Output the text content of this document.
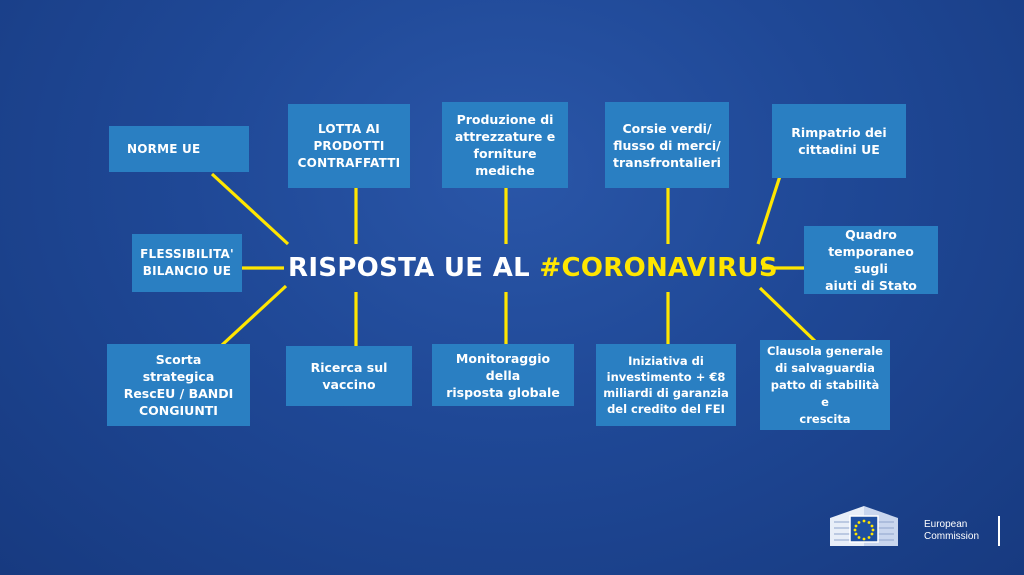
NORME UE
LOTTA AI
PRODOTTI
CONTRAFFATTI
Produzione di
attrezzature e
forniture
mediche
Corsie verdi/
flusso di merci/
transfrontalieri
Rimpatrio dei
cittadini UE
FLESSIBILITA'
BILANCIO UE
Quadro
temporaneo sugli
aiuti di Stato
Scorta
strategica
RescEU / BANDI
CONGIUNTI
Ricerca sul
vaccino
Monitoraggio della
risposta globale
Iniziativa di
investimento + €8
miliardi di garanzia
del credito del FEI
Clausola generale
di salvaguardia
patto di stabilità e
crescita
RISPOSTA UE AL #CORONAVIRUS
European
Commission
